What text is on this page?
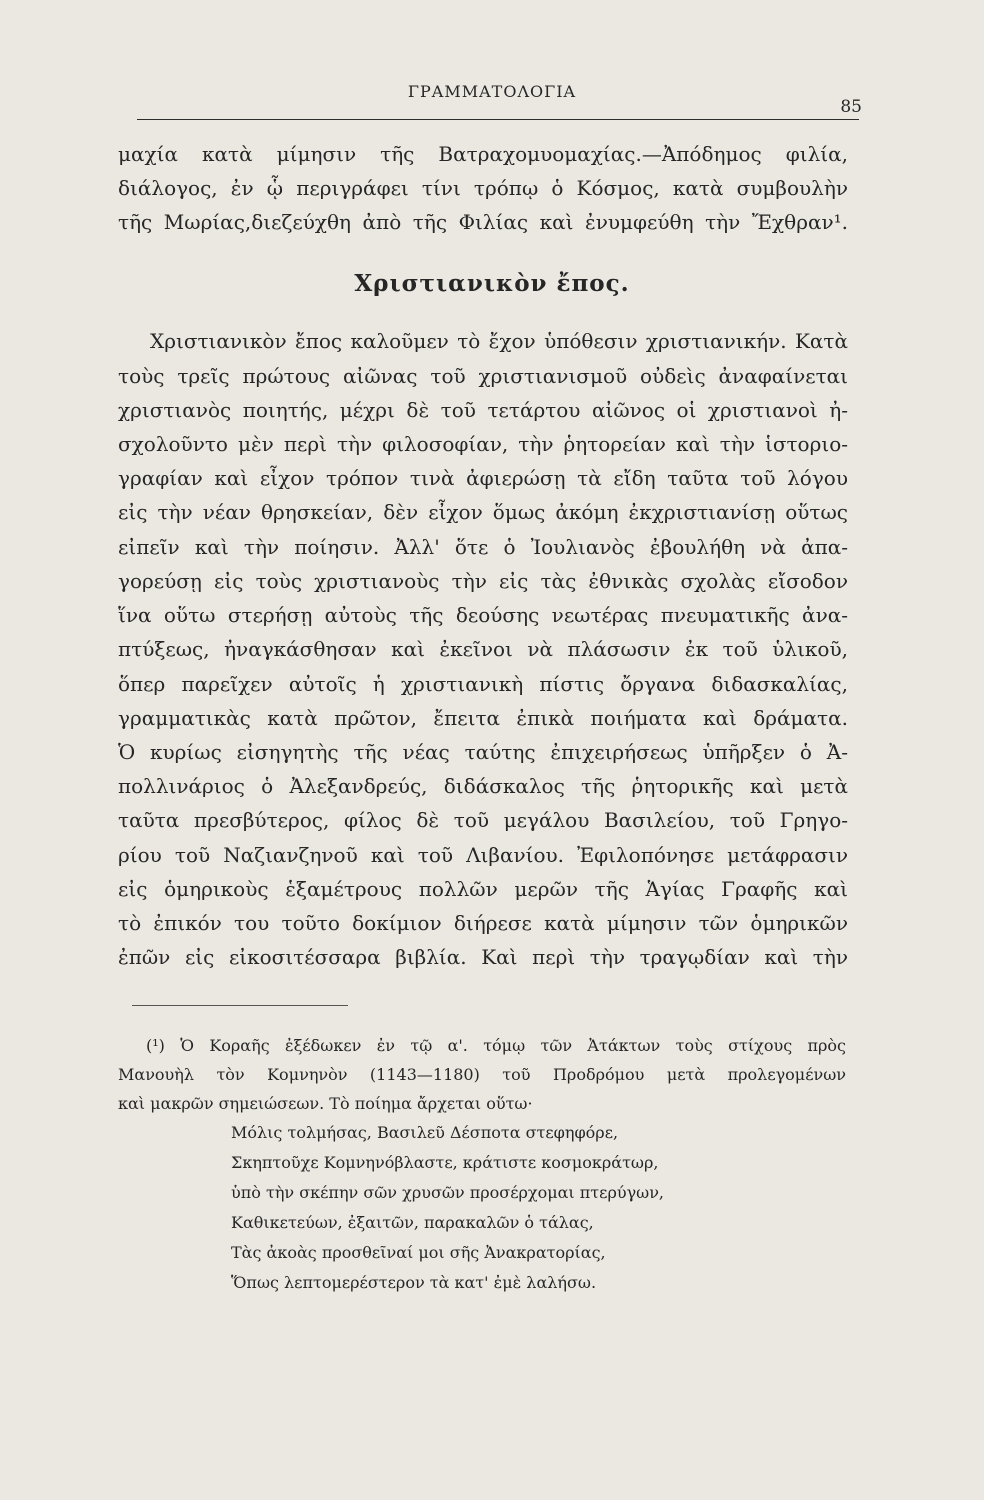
ΓΡΑΜΜΑΤΟΛΟΓΙΑ
85
μαχία κατὰ μίμησιν τῆς Βατραχομυομαχίας.—Ἀπόδημος φιλία,
διάλογος, ἐν ᾧ περιγράφει τίνι τρόπῳ ὁ Κόσμος, κατὰ συμβουλὴν
τῆς Μωρίας,διεζεύχθη ἀπὸ τῆς Φιλίας καὶ ἐνυμφεύθη τὴν Ἔχθραν¹.
Χριστιανικὸν ἔπος.
Χριστιανικὸν ἔπος καλοῦμεν τὸ ἔχον ὑπόθεσιν χριστιανικήν. Κατὰ
τοὺς τρεῖς πρώτους αἰῶνας τοῦ χριστιανισμοῦ οὐδεὶς ἀναφαίνεται
χριστιανὸς ποιητής, μέχρι δὲ τοῦ τετάρτου αἰῶνος οἱ χριστιανοὶ ἠ-
σχολοῦντο μὲν περὶ τὴν φιλοσοφίαν, τὴν ῥητορείαν καὶ τὴν ἱστοριο-
γραφίαν καὶ εἶχον τρόπον τινὰ ἀφιερώσῃ τὰ εἴδη ταῦτα τοῦ λόγου
εἰς τὴν νέαν θρησκείαν, δὲν εἶχον ὅμως ἀκόμη ἐκχριστιανίσῃ οὕτως
εἰπεῖν καὶ τὴν ποίησιν. Ἀλλ' ὅτε ὁ Ἰουλιανὸς ἐβουλήθη νὰ ἀπα-
γορεύσῃ εἰς τοὺς χριστιανοὺς τὴν εἰς τὰς ἐθνικὰς σχολὰς εἴσοδον
ἵνα οὕτω στερήσῃ αὐτοὺς τῆς δεούσης νεωτέρας πνευματικῆς ἀνα-
πτύξεως, ἠναγκάσθησαν καὶ ἐκεῖνοι νὰ πλάσωσιν ἐκ τοῦ ὑλικοῦ,
ὅπερ παρεῖχεν αὐτοῖς ἡ χριστιανικὴ πίστις ὄργανα διδασκαλίας,
γραμματικὰς κατὰ πρῶτον, ἔπειτα ἐπικὰ ποιήματα καὶ δράματα.
Ὁ κυρίως εἰσηγητὴς τῆς νέας ταύτης ἐπιχειρήσεως ὑπῆρξεν ὁ Ἀ-
πολλινάριος ὁ Ἀλεξανδρεύς, διδάσκαλος τῆς ῥητορικῆς καὶ μετὰ
ταῦτα πρεσβύτερος, φίλος δὲ τοῦ μεγάλου Βασιλείου, τοῦ Γρηγο-
ρίου τοῦ Ναζιανζηνοῦ καὶ τοῦ Λιβανίου. Ἐφιλοπόνησε μετάφρασιν
εἰς ὁμηρικοὺς ἑξαμέτρους πολλῶν μερῶν τῆς Ἁγίας Γραφῆς καὶ
τὸ ἐπικόν του τοῦτο δοκίμιον διήρεσε κατὰ μίμησιν τῶν ὁμηρικῶν
ἐπῶν εἰς εἰκοσιτέσσαρα βιβλία. Καὶ περὶ τὴν τραγῳδίαν καὶ τὴν
(¹) Ὁ Κοραῆς ἐξέδωκεν ἐν τῷ α'. τόμῳ τῶν Ἀτάκτων τοὺς στίχους πρὸς
Μανουὴλ τὸν Κομνηνὸν (1143—1180) τοῦ Προδρόμου μετὰ προλεγομένων
καὶ μακρῶν σημειώσεων. Τὸ ποίημα ἄρχεται οὕτω·
Μόλις τολμήσας, Βασιλεῦ Δέσποτα στεφηφόρε,
Σκηπτοῦχε Κομνηνόβλαστε, κράτιστε κοσμοκράτωρ,
ὑπὸ τὴν σκέπην σῶν χρυσῶν προσέρχομαι πτερύγων,
Καθικετεύων, ἐξαιτῶν, παρακαλῶν ὁ τάλας,
Τὰς ἀκοὰς προσθεῖναί μοι σῆς Ἀνακρατορίας,
Ὅπως λεπτομερέστερον τὰ κατ' ἐμὲ λαλήσω.
